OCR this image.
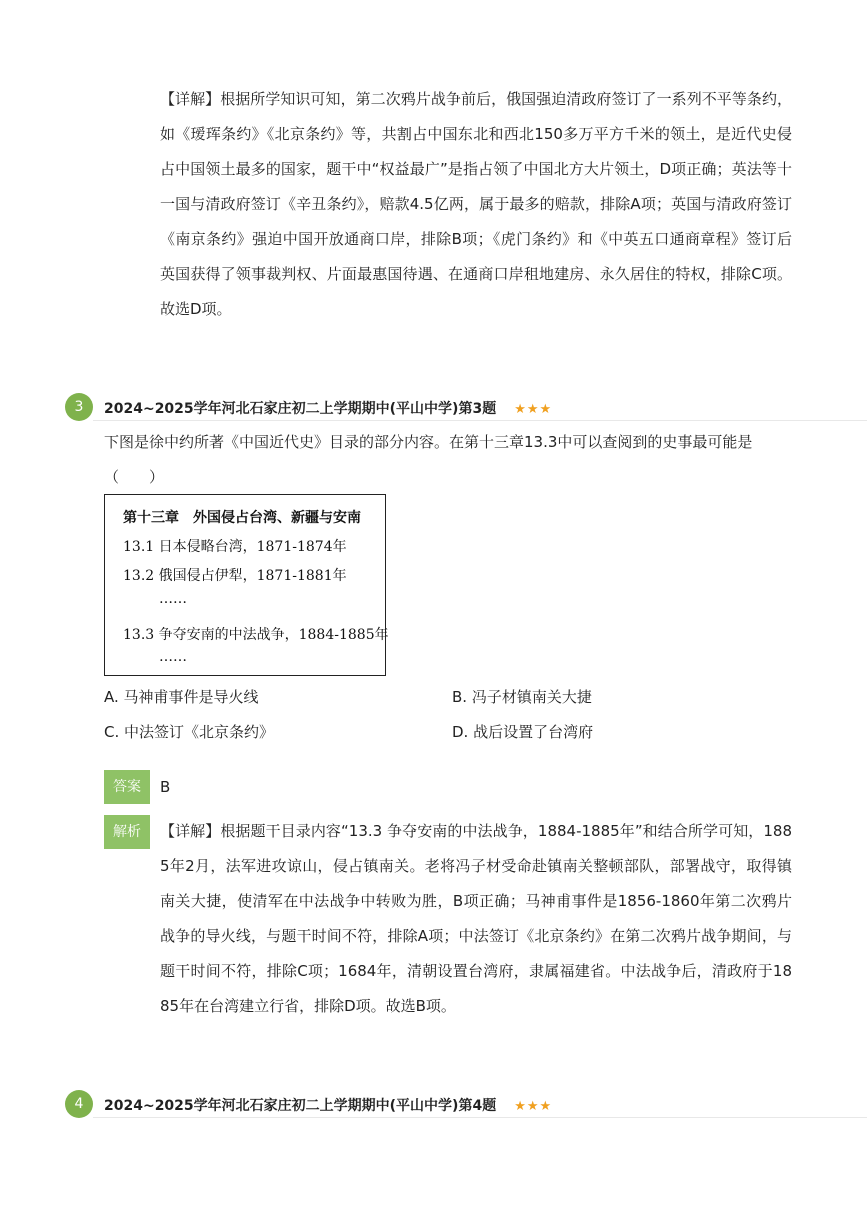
【详解】根据所学知识可知，第二次鸦片战争前后，俄国强迫清政府签订了一系列不平等条约，如《瑷珲条约》《北京条约》等，共割占中国东北和西北150多万平方千米的领土，是近代史侵占中国领土最多的国家，题干中“权益最广”是指占领了中国北方大片领土，D项正确；英法等十一国与清政府签订《辛丑条约》，赔款4.5亿两，属于最多的赔款，排除A项；英国与清政府签订《南京条约》强迫中国开放通商口岸，排除B项；《虎门条约》和《中英五口通商章程》签订后英国获得了领事裁判权、片面最惠国待遇、在通商口岸租地建房、永久居住的特权，排除C项。故选D项。
3	2024~2025学年河北石家庄初二上学期期中(平山中学)第3题 ★★★
下图是徐中约所著《中国近代史》目录的部分内容。在第十三章13.3中可以查阅到的史事最可能是
（　　）
第十三章　外国侵占台湾、新疆与安南
13.1 日本侵略台湾，1871-1874年
13.2 俄国侵占伊犁，1871-1881年
……
13.3 争夺安南的中法战争，1884-1885年
……
A. 马神甫事件是导火线	B. 冯子材镇南关大捷
C. 中法签订《北京条约》	D. 战后设置了台湾府
答案	B
解析	【详解】根据题干目录内容“13.3 争夺安南的中法战争，1884-1885年”和结合所学可知，1885年2月，法军进攻谅山，侵占镇南关。老将冯子材受命赴镇南关整顿部队，部署战守，取得镇南关大捷，使清军在中法战争中转败为胜，B项正确；马神甫事件是1856-1860年第二次鸦片战争的导火线，与题干时间不符，排除A项；中法签订《北京条约》在第二次鸦片战争期间，与题干时间不符，排除C项；1684年，清朝设置台湾府，隶属福建省。中法战争后，清政府于1885年在台湾建立行省，排除D项。故选B项。
4	2024~2025学年河北石家庄初二上学期期中(平山中学)第4题 ★★★
